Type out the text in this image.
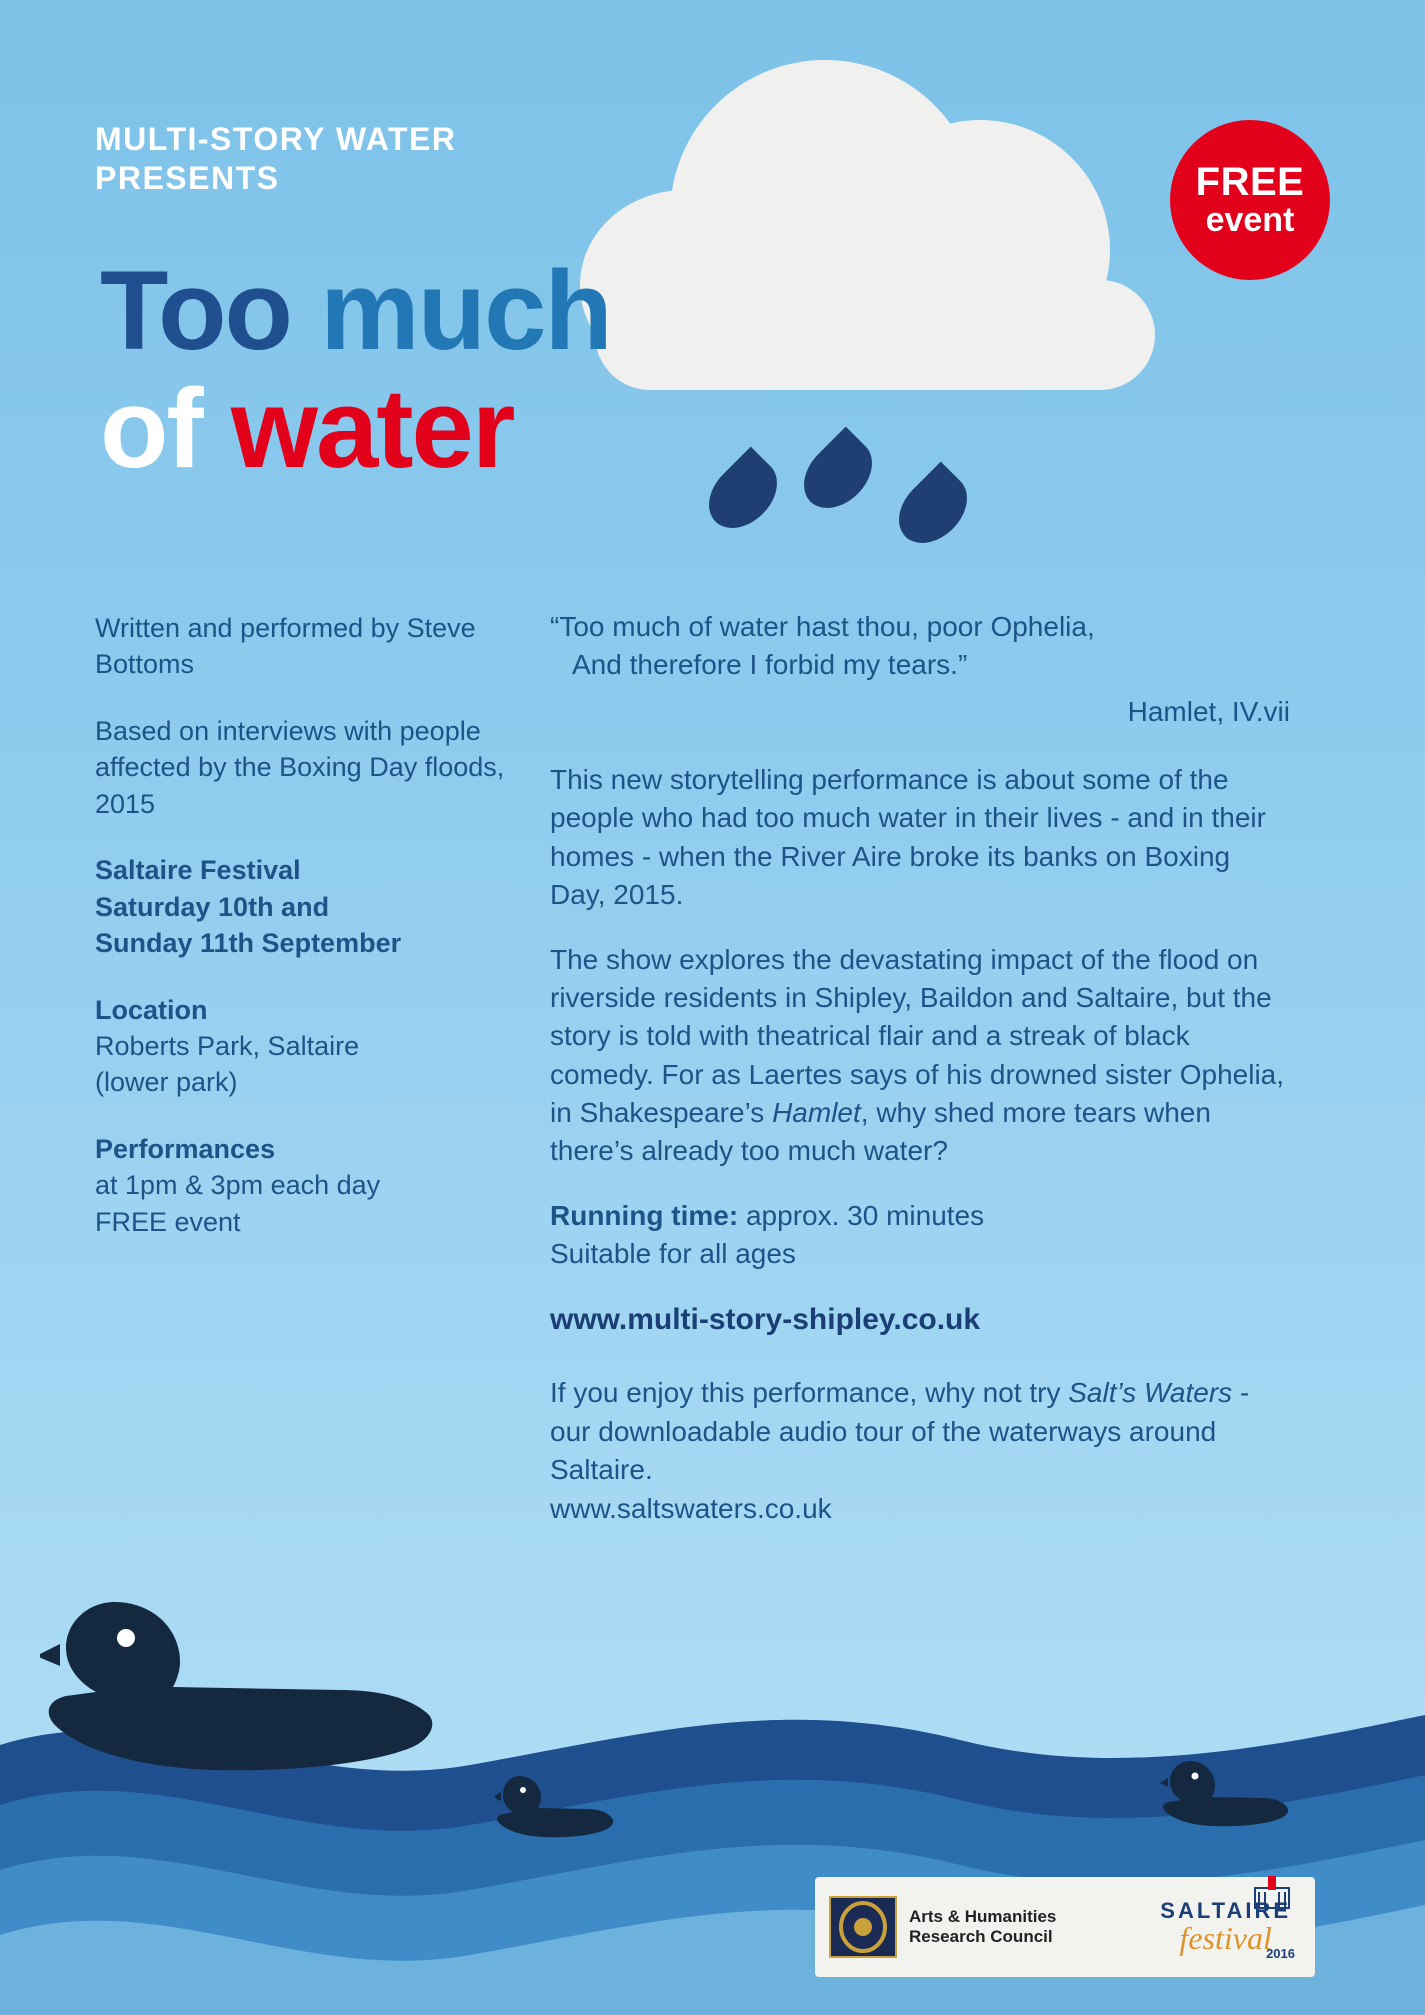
MULTI-STORY WATER
PRESENTS	FREE
event
Too much
of water

Written and performed by Steve Bottoms

Based on interviews with people affected by the Boxing Day floods, 2015

Saltaire Festival
Saturday 10th and
Sunday 11th September
Location
Roberts Park, Saltaire
(lower park)
Performances
at 1pm & 3pm each day
FREE event

“Too much of water hast thou, poor Ophelia,
And therefore I forbid my tears.”

Hamlet, IV.vii

This new storytelling performance is about some of the people who had too much water in their lives - and in their homes - when the River Aire broke its banks on Boxing Day, 2015.

The show explores the devastating impact of the flood on riverside residents in Shipley, Baildon and Saltaire, but the story is told with theatrical flair and a streak of black comedy. For as Laertes says of his drowned sister Ophelia, in Shakespeare’s Hamlet, why shed more tears when there’s already too much water?

Running time: approx. 30 minutes
Suitable for all ages

www.multi-story-shipley.co.uk

If you enjoy this performance, why not try Salt’s Waters - our downloadable audio tour of the waterways around Saltaire.
www.saltswaters.co.uk

Arts & Humanities
Research Council
SALTAIRE
festival
2016
